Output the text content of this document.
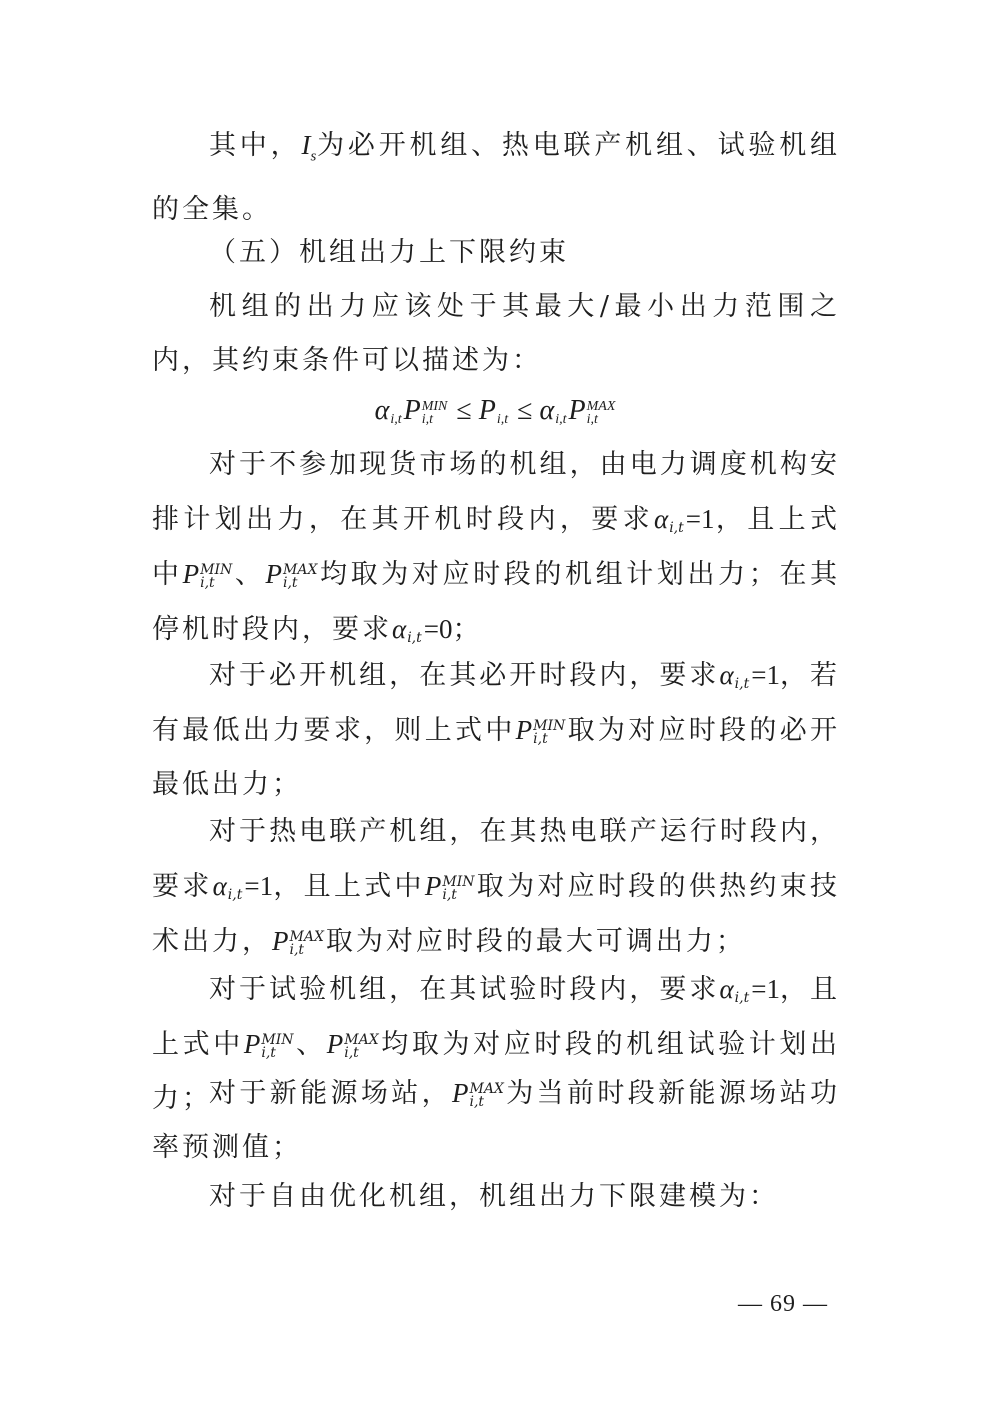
其中，$I_s$为必开机组、热电联产机组、试验机组的全集。

（五）机组出力上下限约束

机组的出力应该处于其最大/最小出力范围之内，其约束条件可以描述为：

α
i,t P MIN
i,t ≤ P
i,t ≤ α
i,t P MAX
i,t

对于不参加现货市场的机组，由电力调度机构安排计划出力，在其开机时段内，要求α
i,t =1，且上式中P MIN
i,t 、P MAX
i,t 均取为对应时段的机组计划出力；在其停机时段内，要求α
i,t =0；

对于必开机组，在其必开时段内，要求α
i,t =1，若有最低出力要求，则上式中P MIN
i,t 取为对应时段的必开最低出力；

对于热电联产机组，在其热电联产运行时段内，要求α
i,t =1，且上式中P MIN
i,t 取为对应时段的供热约束技术出力，P MAX
i,t 取为对应时段的最大可调出力；

对于试验机组，在其试验时段内，要求α
i,t =1，且上式中P MIN
i,t 、P MAX
i,t 均取为对应时段的机组试验计划出力；

对于新能源场站，P MAX
i,t 为当前时段新能源场站功率预测值；

对于自由优化机组，机组出力下限建模为：

— 69 —
